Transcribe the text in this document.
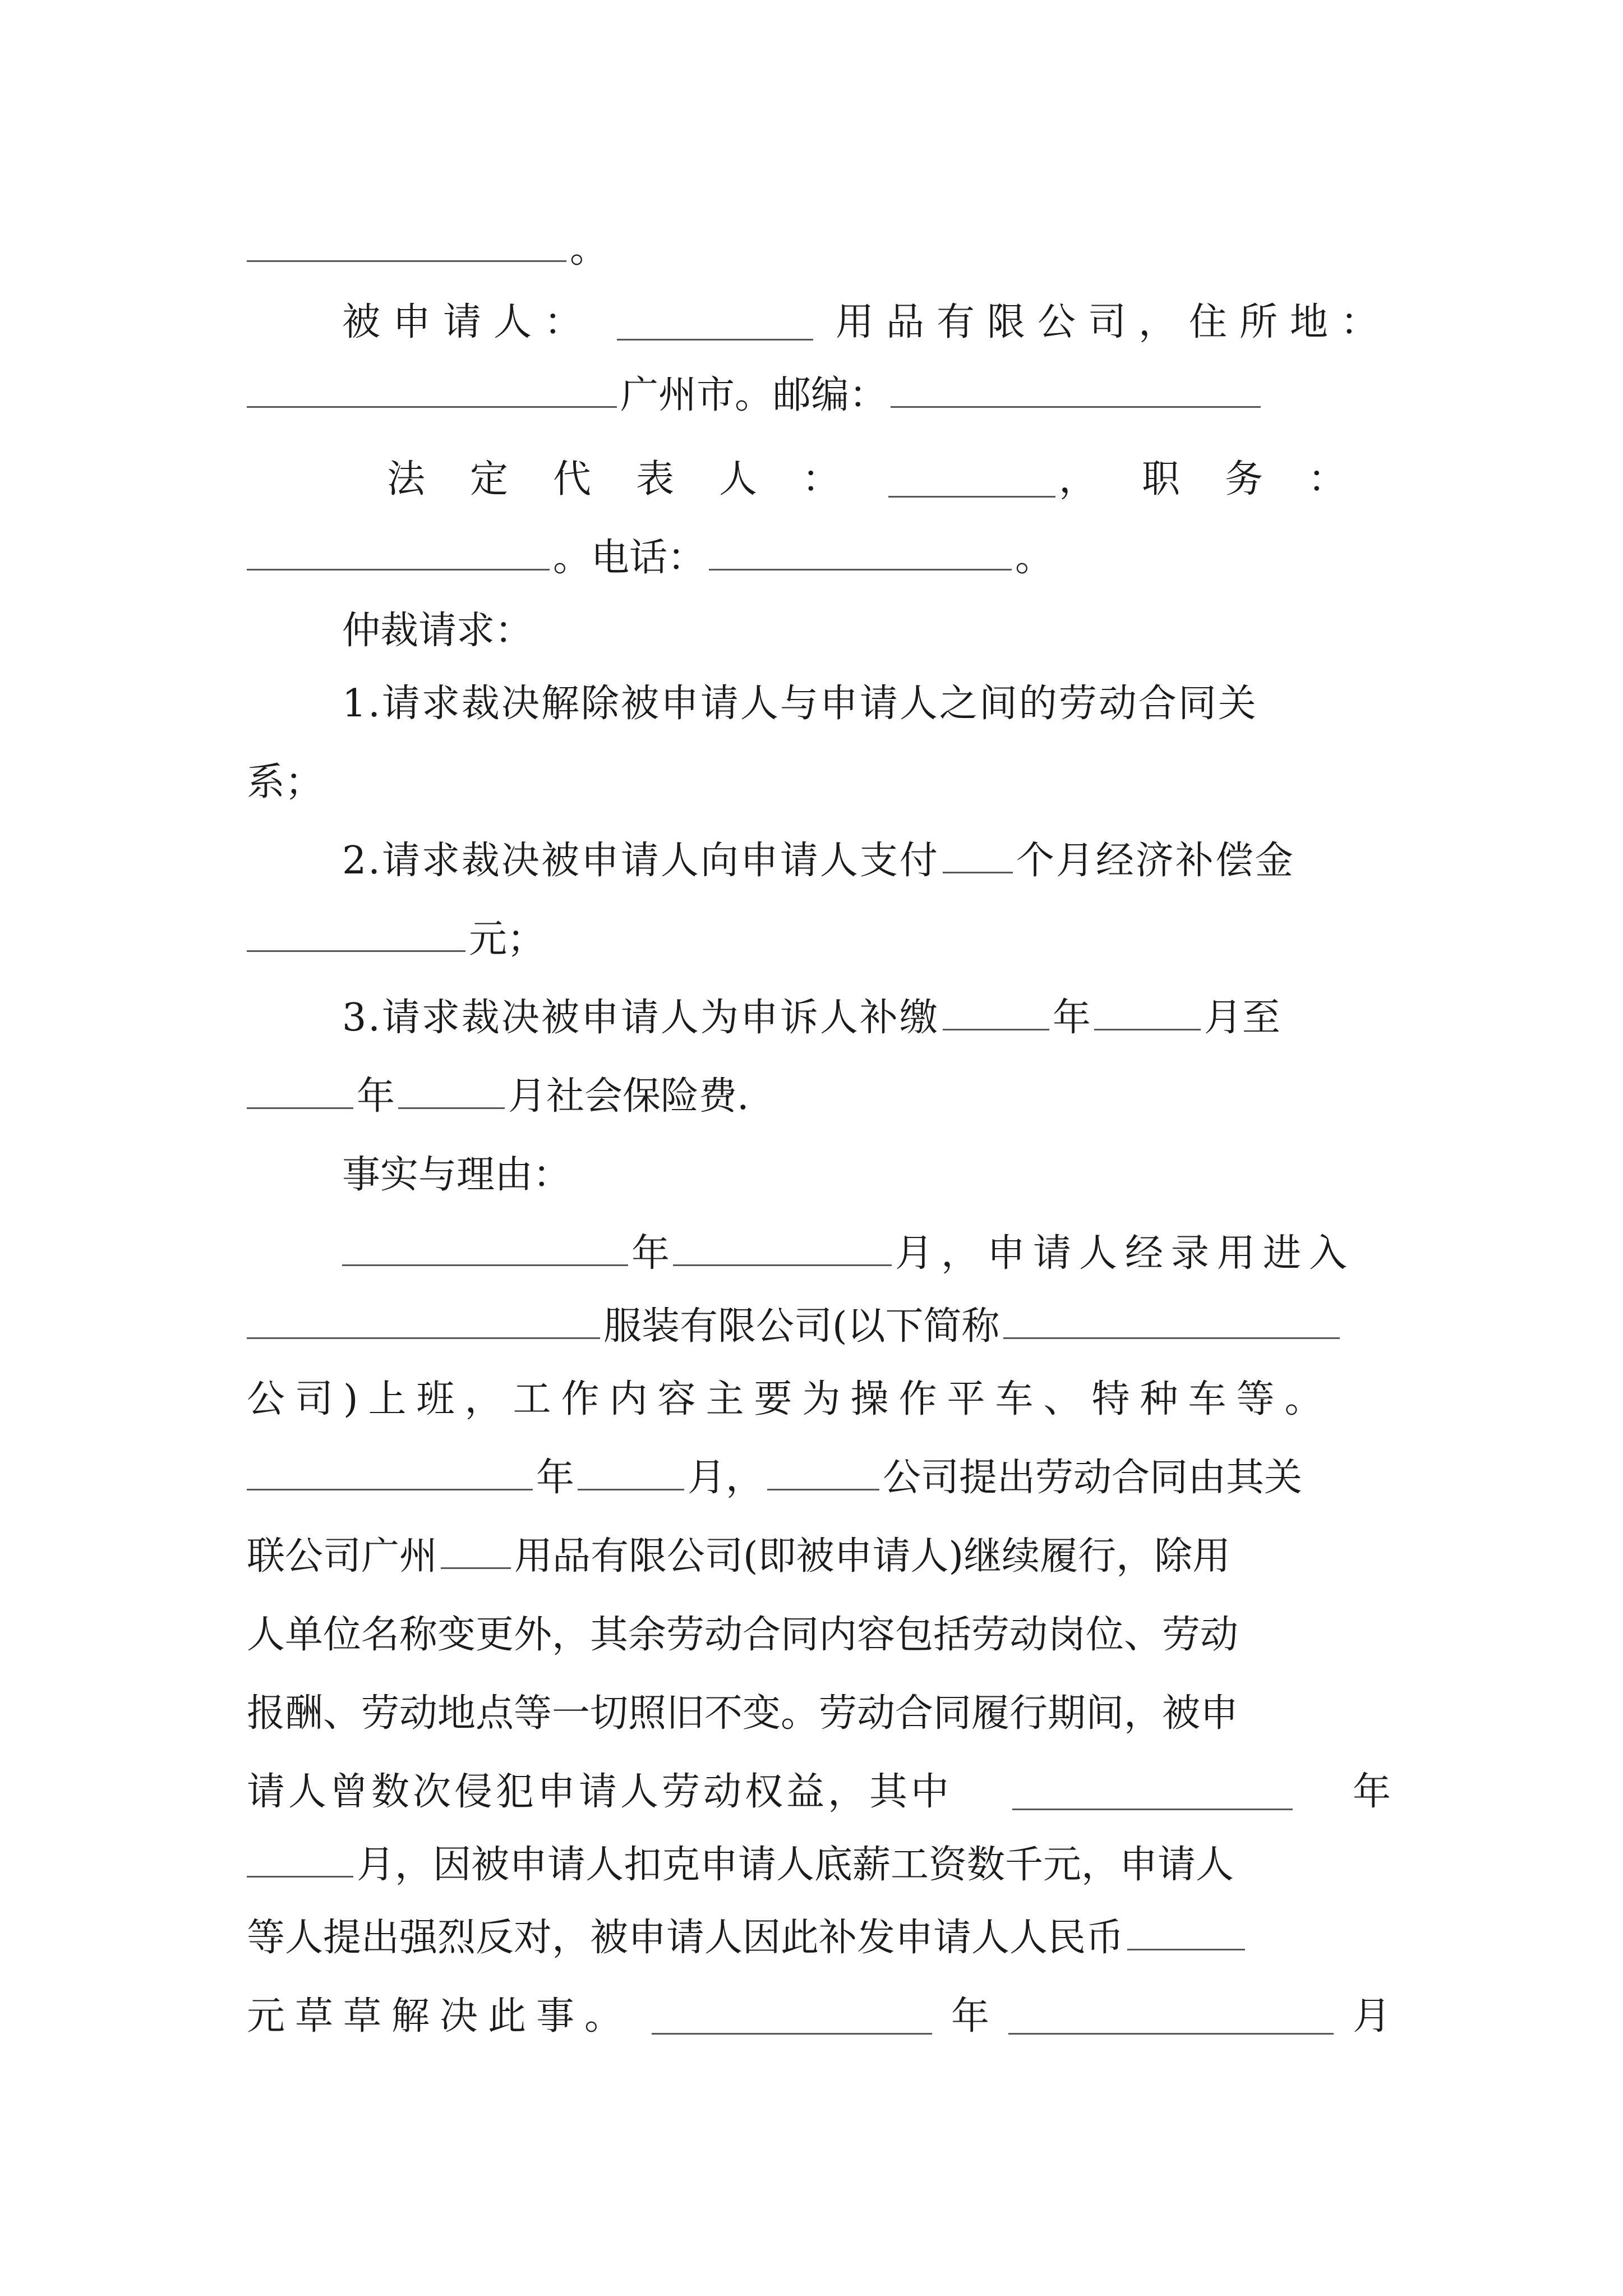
。
被申请人：	用品有限公司，住所地：
广州市。邮编：
法定代表人：	，职务：
。电话：	。
仲裁请求：
1.请求裁决解除被申请人与申请人之间的劳动合同关
系；
2.请求裁决被申请人向申请人支付 个月经济补偿金
元；
3.请求裁决被申请人为申诉人补缴	年	月至
年	月社会保险费.
事实与理由：
年	月，申请人经录用进入
服装有限公司(以下简称
公司)上班，工作内容主要为操作平车、特种车等。
年	月，	公司提出劳动合同由其关
联公司广州 用品有限公司(即被申请人)继续履行，除用
人单位名称变更外，其余劳动合同内容包括劳动岗位、劳动
报酬、劳动地点等一切照旧不变。劳动合同履行期间，被申
请人曾数次侵犯申请人劳动权益，其中	年
月，因被申请人扣克申请人底薪工资数千元，申请人
等人提出强烈反对，被申请人因此补发申请人人民币
元草草解决此事。	年	月
